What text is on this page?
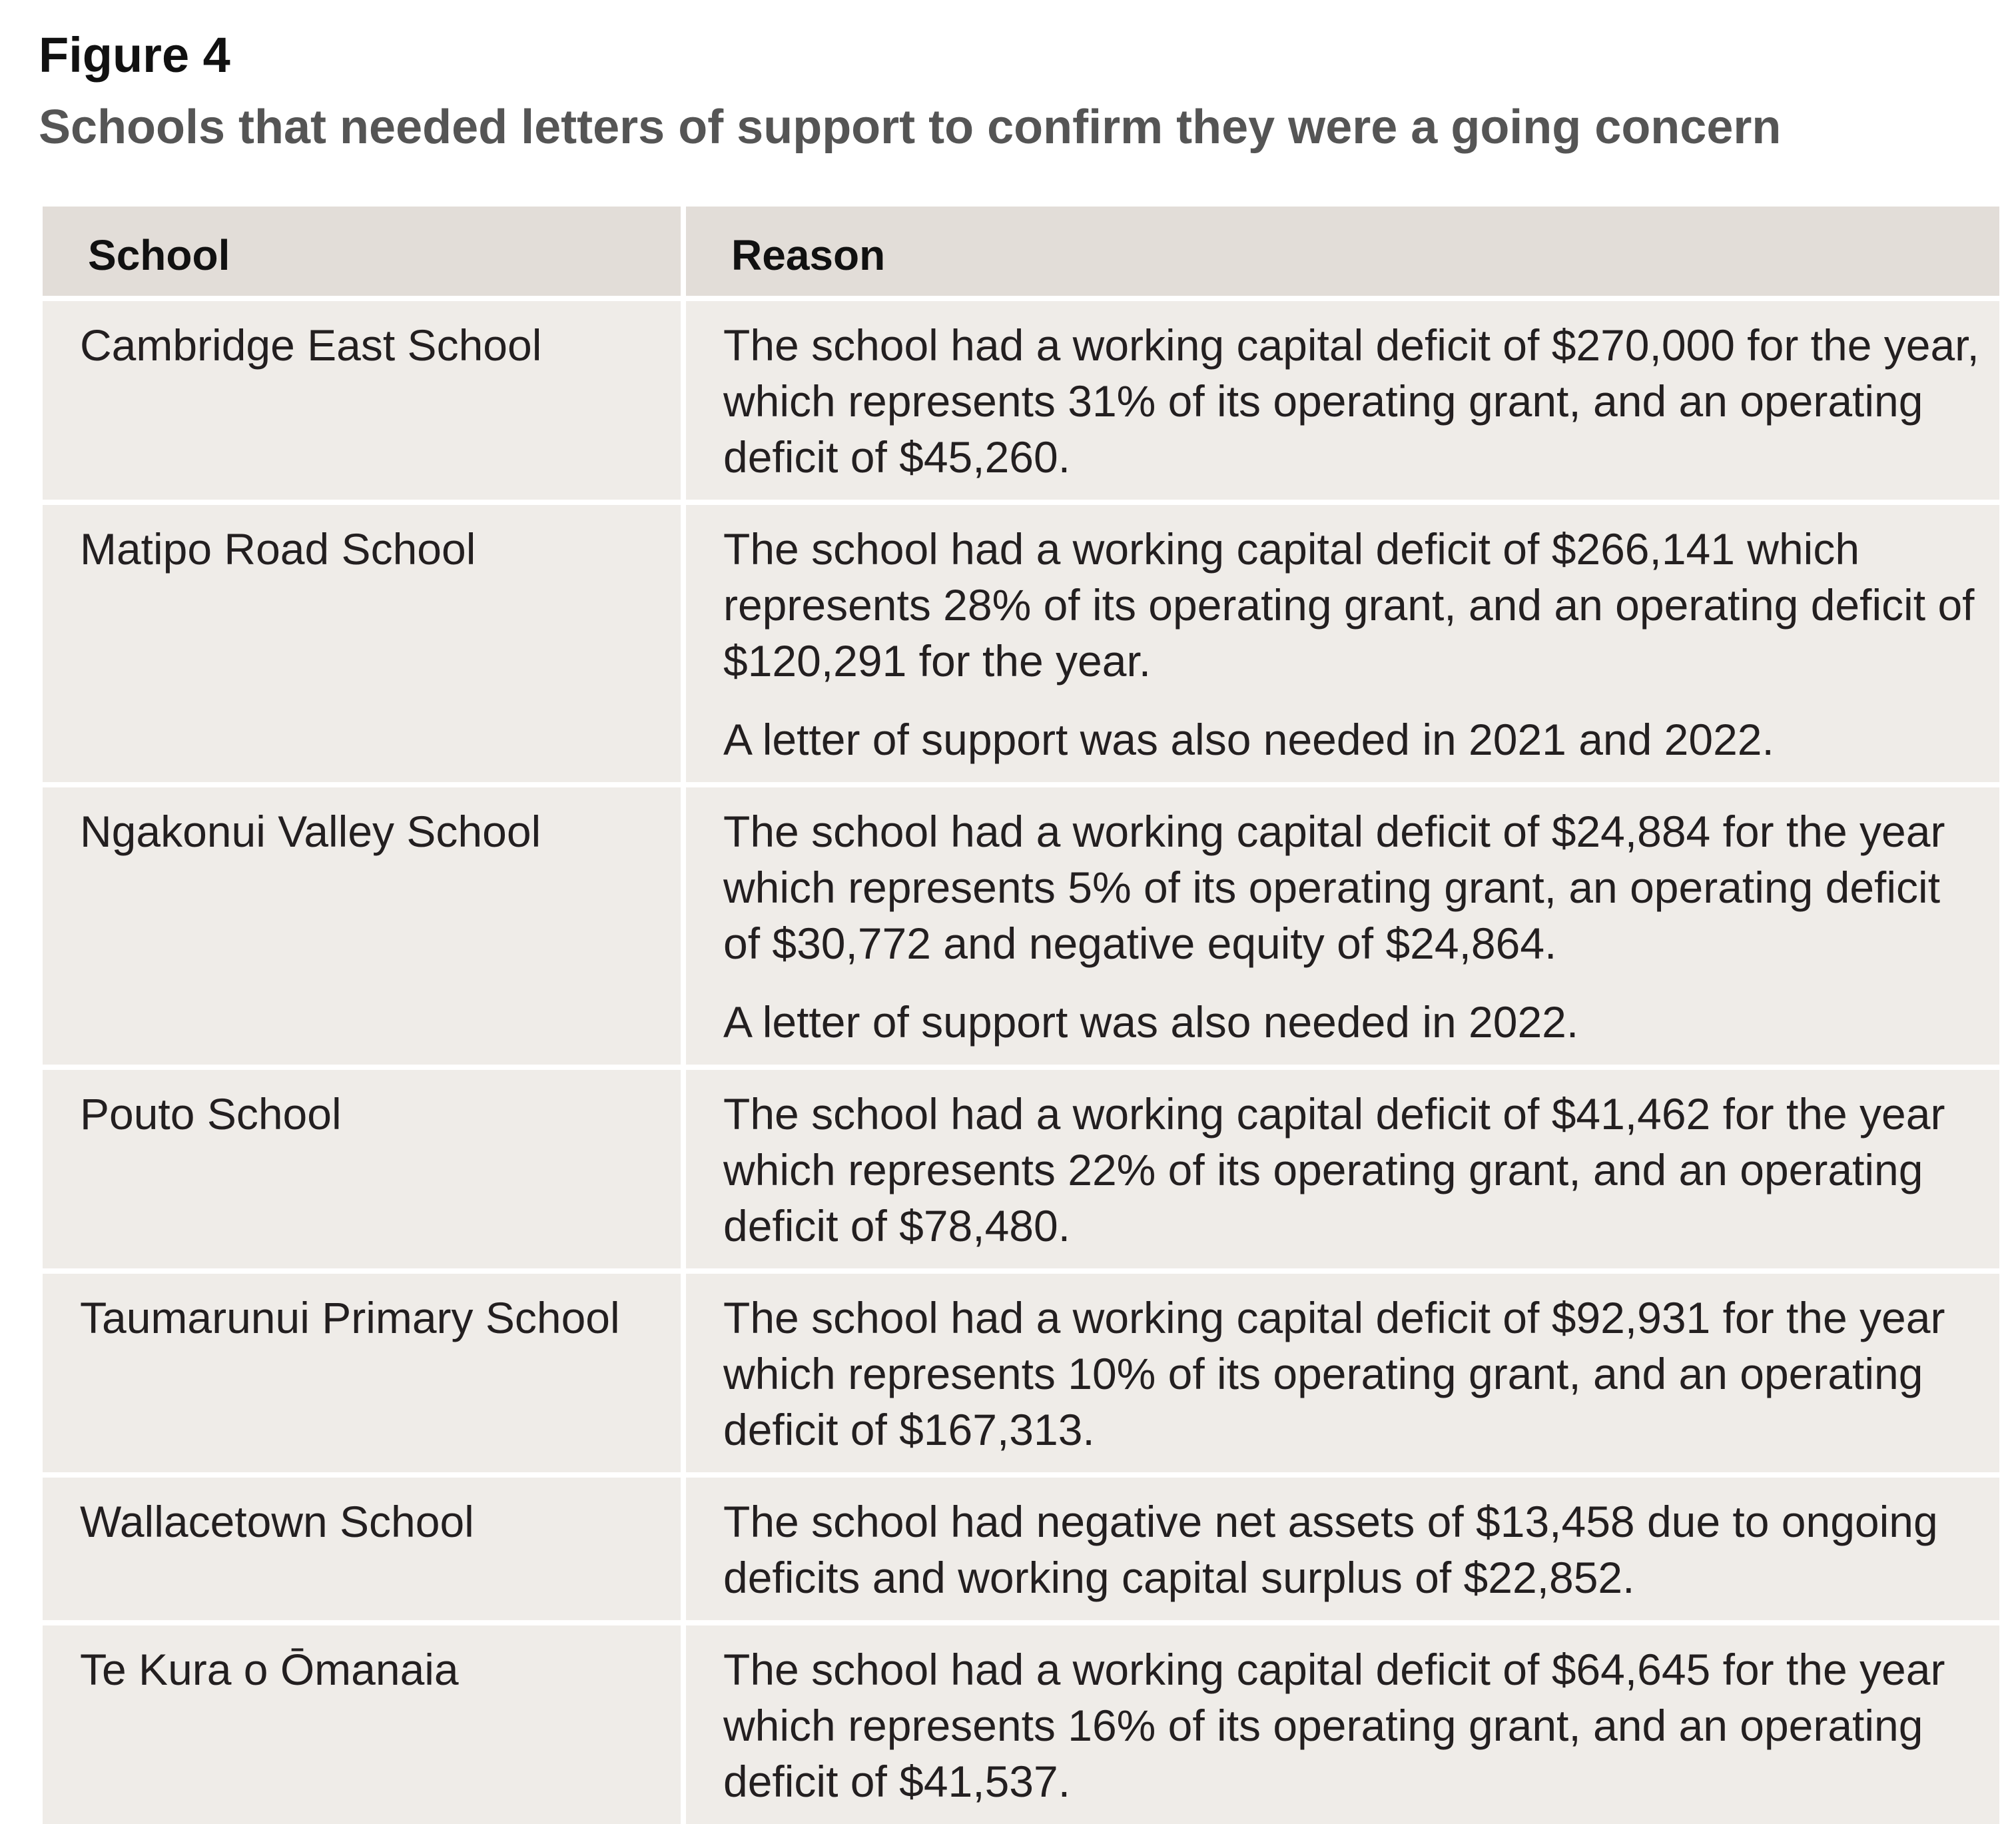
Figure 4
Schools that needed letters of support to confirm they were a going concern
School	Reason
Cambridge East School	The school had a working capital deficit of $270,000 for the year, which represents 31% of its operating grant, and an operating deficit of $45,260.

Matipo Road School	The school had a working capital deficit of $266,141 which represents 28% of its operating grant, and an operating deficit of $120,291 for the year.
A letter of support was also needed in 2021 and 2022.

Ngakonui Valley School	The school had a working capital deficit of $24,884 for the year which represents 5% of its operating grant, an operating deficit of $30,772 and negative equity of $24,864.
A letter of support was also needed in 2022.

Pouto School	The school had a working capital deficit of $41,462 for the year which represents 22% of its operating grant, and an operating deficit of $78,480.

Taumarunui Primary School	The school had a working capital deficit of $92,931 for the year which represents 10% of its operating grant, and an operating deficit of $167,313.

Wallacetown School	The school had negative net assets of $13,458 due to ongoing deficits and working capital surplus of $22,852.

Te Kura o Ōmanaia	The school had a working capital deficit of $64,645 for the year which represents 16% of its operating grant, and an operating deficit of $41,537.
